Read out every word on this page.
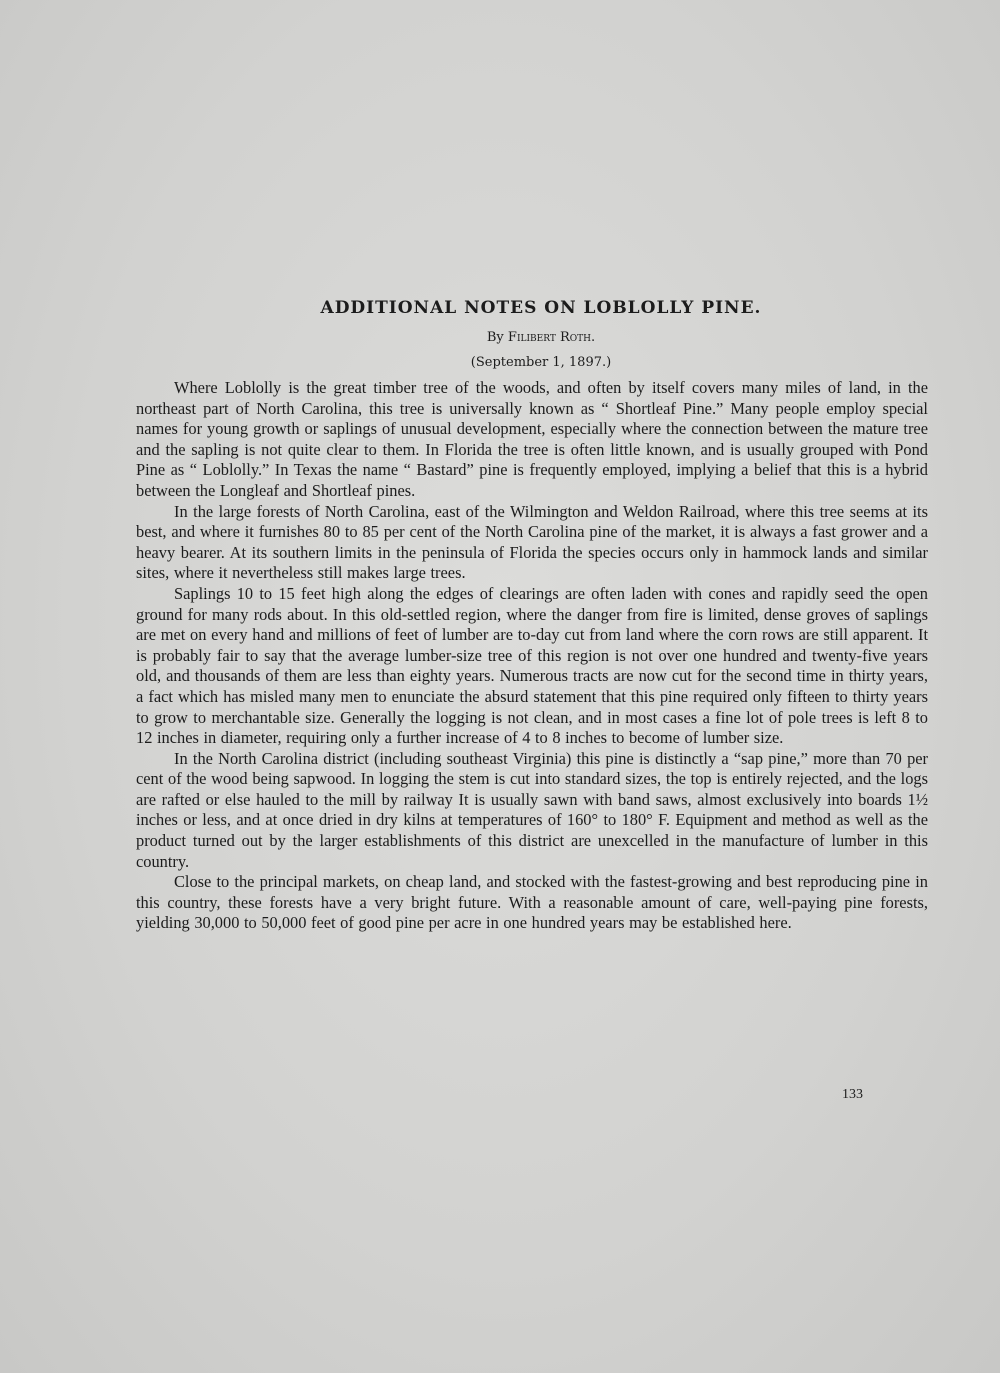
ADDITIONAL NOTES ON LOBLOLLY PINE.
By Filibert Roth.
(September 1, 1897.)

Where Loblolly is the great timber tree of the woods, and often by itself covers many miles of land, in the northeast part of North Carolina, this tree is universally known as “ Shortleaf Pine.” Many people employ special names for young growth or saplings of unusual development, especially where the connection between the mature tree and the sapling is not quite clear to them. In Florida the tree is often little known, and is usually grouped with Pond Pine as “ Loblolly.” In Texas the name “ Bastard” pine is frequently employed, implying a belief that this is a hybrid between the Longleaf and Shortleaf pines.

In the large forests of North Carolina, east of the Wilmington and Weldon Railroad, where this tree seems at its best, and where it furnishes 80 to 85 per cent of the North Carolina pine of the market, it is always a fast grower and a heavy bearer. At its southern limits in the peninsula of Florida the species occurs only in hammock lands and similar sites, where it nevertheless still makes large trees.

Saplings 10 to 15 feet high along the edges of clearings are often laden with cones and rapidly seed the open ground for many rods about. In this old-settled region, where the danger from fire is limited, dense groves of saplings are met on every hand and millions of feet of lumber are to-day cut from land where the corn rows are still apparent. It is probably fair to say that the average lumber-size tree of this region is not over one hundred and twenty-five years old, and thousands of them are less than eighty years. Numerous tracts are now cut for the second time in thirty years, a fact which has misled many men to enunciate the absurd statement that this pine required only fifteen to thirty years to grow to merchantable size. Generally the logging is not clean, and in most cases a fine lot of pole trees is left 8 to 12 inches in diameter, requiring only a further increase of 4 to 8 inches to become of lumber size.

In the North Carolina district (including southeast Virginia) this pine is distinctly a “sap pine,” more than 70 per cent of the wood being sapwood. In logging the stem is cut into standard sizes, the top is entirely rejected, and the logs are rafted or else hauled to the mill by railway It is usually sawn with band saws, almost exclusively into boards 1½ inches or less, and at once dried in dry kilns at temperatures of 160° to 180° F. Equipment and method as well as the product turned out by the larger establishments of this district are unexcelled in the manufacture of lumber in this country.

Close to the principal markets, on cheap land, and stocked with the fastest-growing and best reproducing pine in this country, these forests have a very bright future. With a reasonable amount of care, well-paying pine forests, yielding 30,000 to 50,000 feet of good pine per acre in one hundred years may be established here.

133
